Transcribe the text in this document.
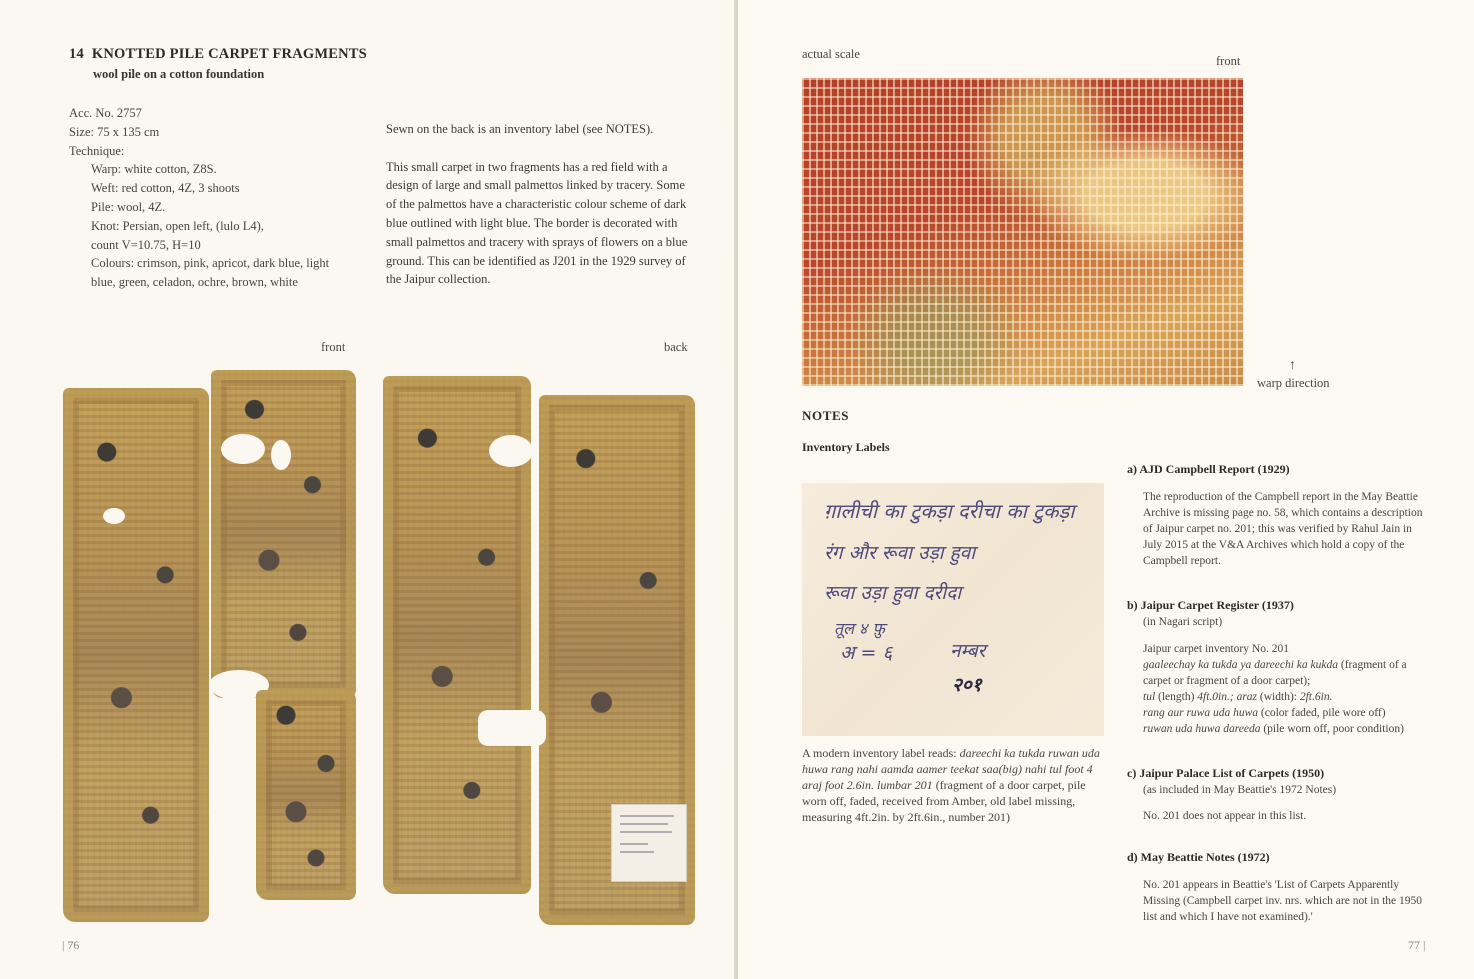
14 KNOTTED PILE CARPET FRAGMENTS
wool pile on a cotton foundation
Acc. No. 2757
Size: 75 x 135 cm
Technique:
Warp: white cotton, Z8S.
Weft: red cotton, 4Z, 3 shoots
Pile: wool, 4Z.
Knot: Persian, open left, (lulo L4),
count V=10.75, H=10
Colours: crimson, pink, apricot, dark blue, light
blue, green, celadon, ochre, brown, white

Sewn on the back is an inventory label (see NOTES).

This small carpet in two fragments has a red field with a design of large and small palmettos linked by tracery. Some of the palmettos have a characteristic colour scheme of dark blue outlined with light blue. The border is decorated with small palmettos and tracery with sprays of flowers on a blue ground. This can be identified as J201 in the 1929 survey of the Jaipur collection.

front	back
| 76
actual scale	front
↑
warp direction
NOTES
Inventory Labels
ग़ालीची का टुकड़ा दरीचा का टुकड़ा
रंग और रूवा उड़ा हुवा
रूवा उड़ा हुवा दरीदा
तूल ४ फ़ु
अ = ६	नम्बर
२०१
A modern inventory label reads: dareechi ka tukda ruwan uda huwa rang nahi aamda aamer teekat saa(big) nahi tul foot 4 araj foot 2.6in. lumbar 201 (fragment of a door carpet, pile worn off, faded, received from Amber, old label missing, measuring 4ft.2in. by 2ft.6in., number 201)
a) AJD Campbell Report (1929)
The reproduction of the Campbell report in the May Beattie Archive is missing page no. 58, which contains a description of Jaipur carpet no. 201; this was verified by Rahul Jain in July 2015 at the V&A Archives which hold a copy of the Campbell report.
b) Jaipur Carpet Register (1937)
(in Nagari script)
Jaipur carpet inventory No. 201
gaaleechay ka tukda ya dareechi ka kukda (fragment of a carpet or fragment of a door carpet);
tul (length) 4ft.0in.; araz (width): 2ft.6in.
rang aur ruwa uda huwa (color faded, pile wore off)
ruwan uda huwa dareeda (pile worn off, poor condition)
c) Jaipur Palace List of Carpets (1950)
(as included in May Beattie's 1972 Notes)
No. 201 does not appear in this list.
d) May Beattie Notes (1972)
No. 201 appears in Beattie's 'List of Carpets Apparently Missing (Campbell carpet inv. nrs. which are not in the 1950 list and which I have not examined).'
77 |
